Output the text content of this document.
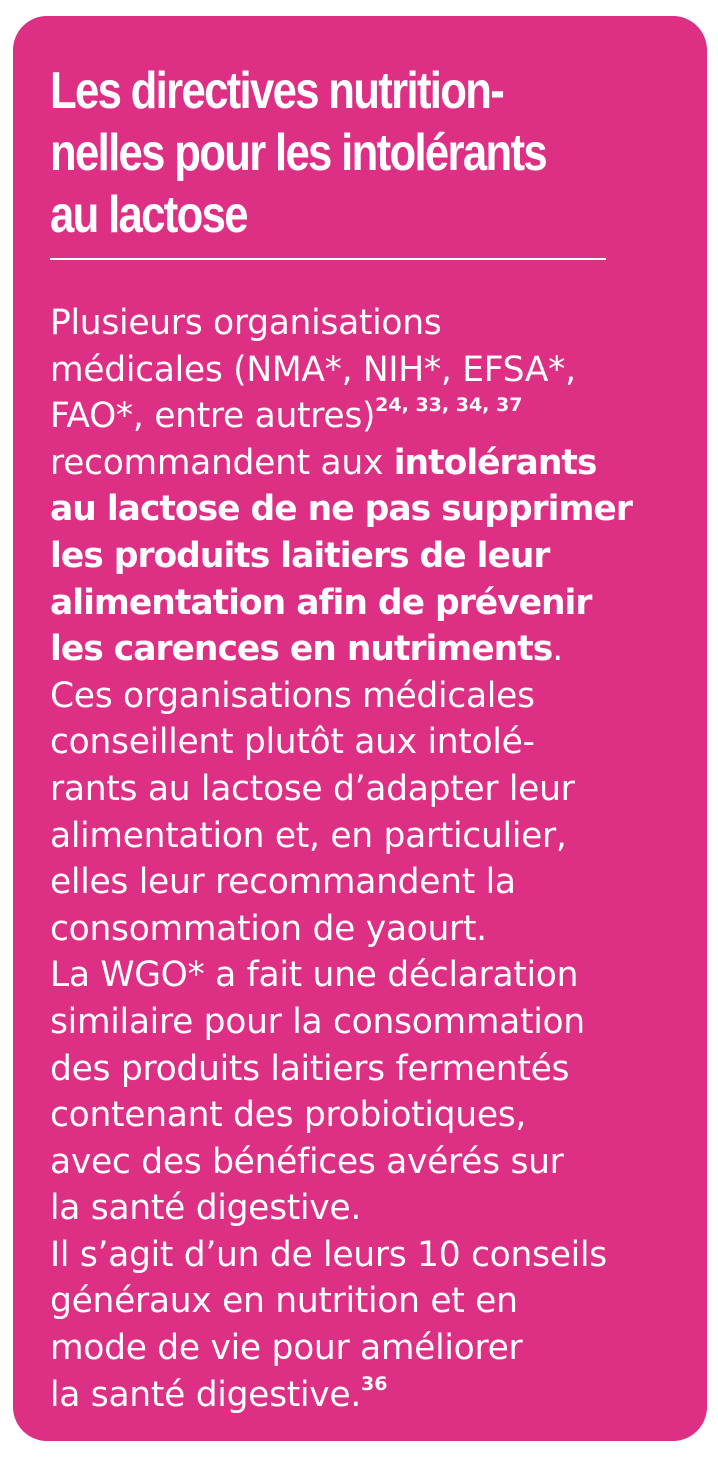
Les directives nutrition-
nelles pour les intolérants
au lactose
Plusieurs organisations
médicales (NMA*, NIH*, EFSA*,
FAO*, entre autres)$^{24, 33, 34, 37}$
recommandent aux intolérants
au lactose de ne pas supprimer
les produits laitiers de leur
alimentation afin de prévenir
les carences en nutriments.
Ces organisations médicales
conseillent plutôt aux intolé-
rants au lactose d’adapter leur
alimentation et, en particulier,
elles leur recommandent la
consommation de yaourt.
La WGO* a fait une déclaration
similaire pour la consommation
des produits laitiers fermentés
contenant des probiotiques,
avec des bénéfices avérés sur
la santé digestive.
Il s’agit d’un de leurs 10 conseils
généraux en nutrition et en
mode de vie pour améliorer
la santé digestive.$^{36}$
